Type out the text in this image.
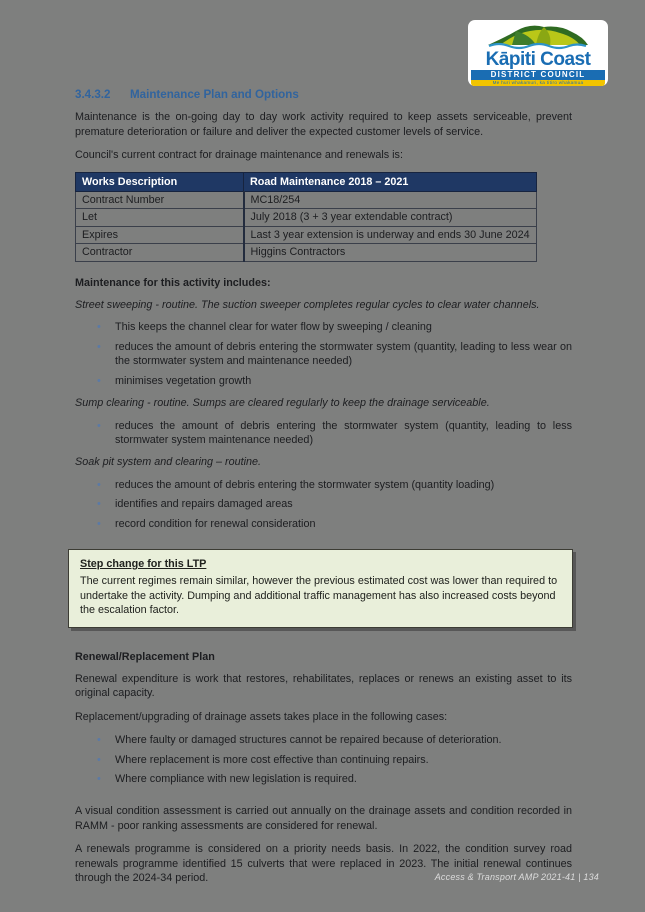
Kāpiti Coast
DISTRICT COUNCIL
Me huri whakamuri, ka titiro whakamua
3.4.3.2 Maintenance Plan and Options

Maintenance is the on-going day to day work activity required to keep assets serviceable, prevent premature deterioration or failure and deliver the expected customer levels of service.

Council's current contract for drainage maintenance and renewals is:

Works Description	Road Maintenance 2018 – 2021
Contract Number	MC18/254
Let	July 2018 (3 + 3 year extendable contract)
Expires	Last 3 year extension is underway and ends 30 June 2024
Contractor	Higgins Contractors
Maintenance for this activity includes:
Street sweeping - routine. The suction sweeper completes regular cycles to clear water channels.
• This keeps the channel clear for water flow by sweeping / cleaning
• reduces the amount of debris entering the stormwater system (quantity, leading to less wear on the stormwater system and maintenance needed)
• minimises vegetation growth
Sump clearing - routine. Sumps are cleared regularly to keep the drainage serviceable.
• reduces the amount of debris entering the stormwater system (quantity, leading to less stormwater system maintenance needed)
Soak pit system and clearing – routine.
• reduces the amount of debris entering the stormwater system (quantity loading)
• identifies and repairs damaged areas
• record condition for renewal consideration
Step change for this LTP
The current regimes remain similar, however the previous estimated cost was lower than required to undertake the activity. Dumping and additional traffic management has also increased costs beyond the escalation factor.
Renewal/Replacement Plan

Renewal expenditure is work that restores, rehabilitates, replaces or renews an existing asset to its original capacity.

Replacement/upgrading of drainage assets takes place in the following cases:

• Where faulty or damaged structures cannot be repaired because of deterioration.
• Where replacement is more cost effective than continuing repairs.
• Where compliance with new legislation is required.

A visual condition assessment is carried out annually on the drainage assets and condition recorded in RAMM - poor ranking assessments are considered for renewal.

A renewals programme is considered on a priority needs basis. In 2022, the condition survey road renewals programme identified 15 culverts that were replaced in 2023. The initial renewal continues through the 2024-34 period.	Access & Transport AMP 2021-41 | 134
